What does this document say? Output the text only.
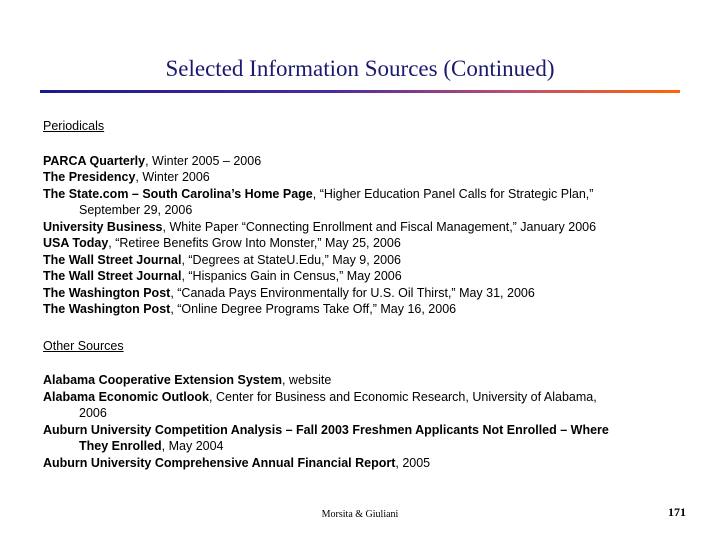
Selected Information Sources (Continued)

Periodicals

PARCA Quarterly, Winter 2005 – 2006
The Presidency, Winter 2006
The State.com – South Carolina’s Home Page, “Higher Education Panel Calls for Strategic Plan,”
September 29, 2006
University Business, White Paper “Connecting Enrollment and Fiscal Management,” January 2006
USA Today, “Retiree Benefits Grow Into Monster,” May 25, 2006
The Wall Street Journal, “Degrees at StateU.Edu,” May 9, 2006
The Wall Street Journal, “Hispanics Gain in Census,” May 2006
The Washington Post, “Canada Pays Environmentally for U.S. Oil Thirst,” May 31, 2006
The Washington Post, “Online Degree Programs Take Off,” May 16, 2006

Other Sources

Alabama Cooperative Extension System, website
Alabama Economic Outlook, Center for Business and Economic Research, University of Alabama,
2006
Auburn University Competition Analysis – Fall 2003 Freshmen Applicants Not Enrolled – Where
They Enrolled, May 2004
Auburn University Comprehensive Annual Financial Report, 2005
Morsita & Giuliani	171
